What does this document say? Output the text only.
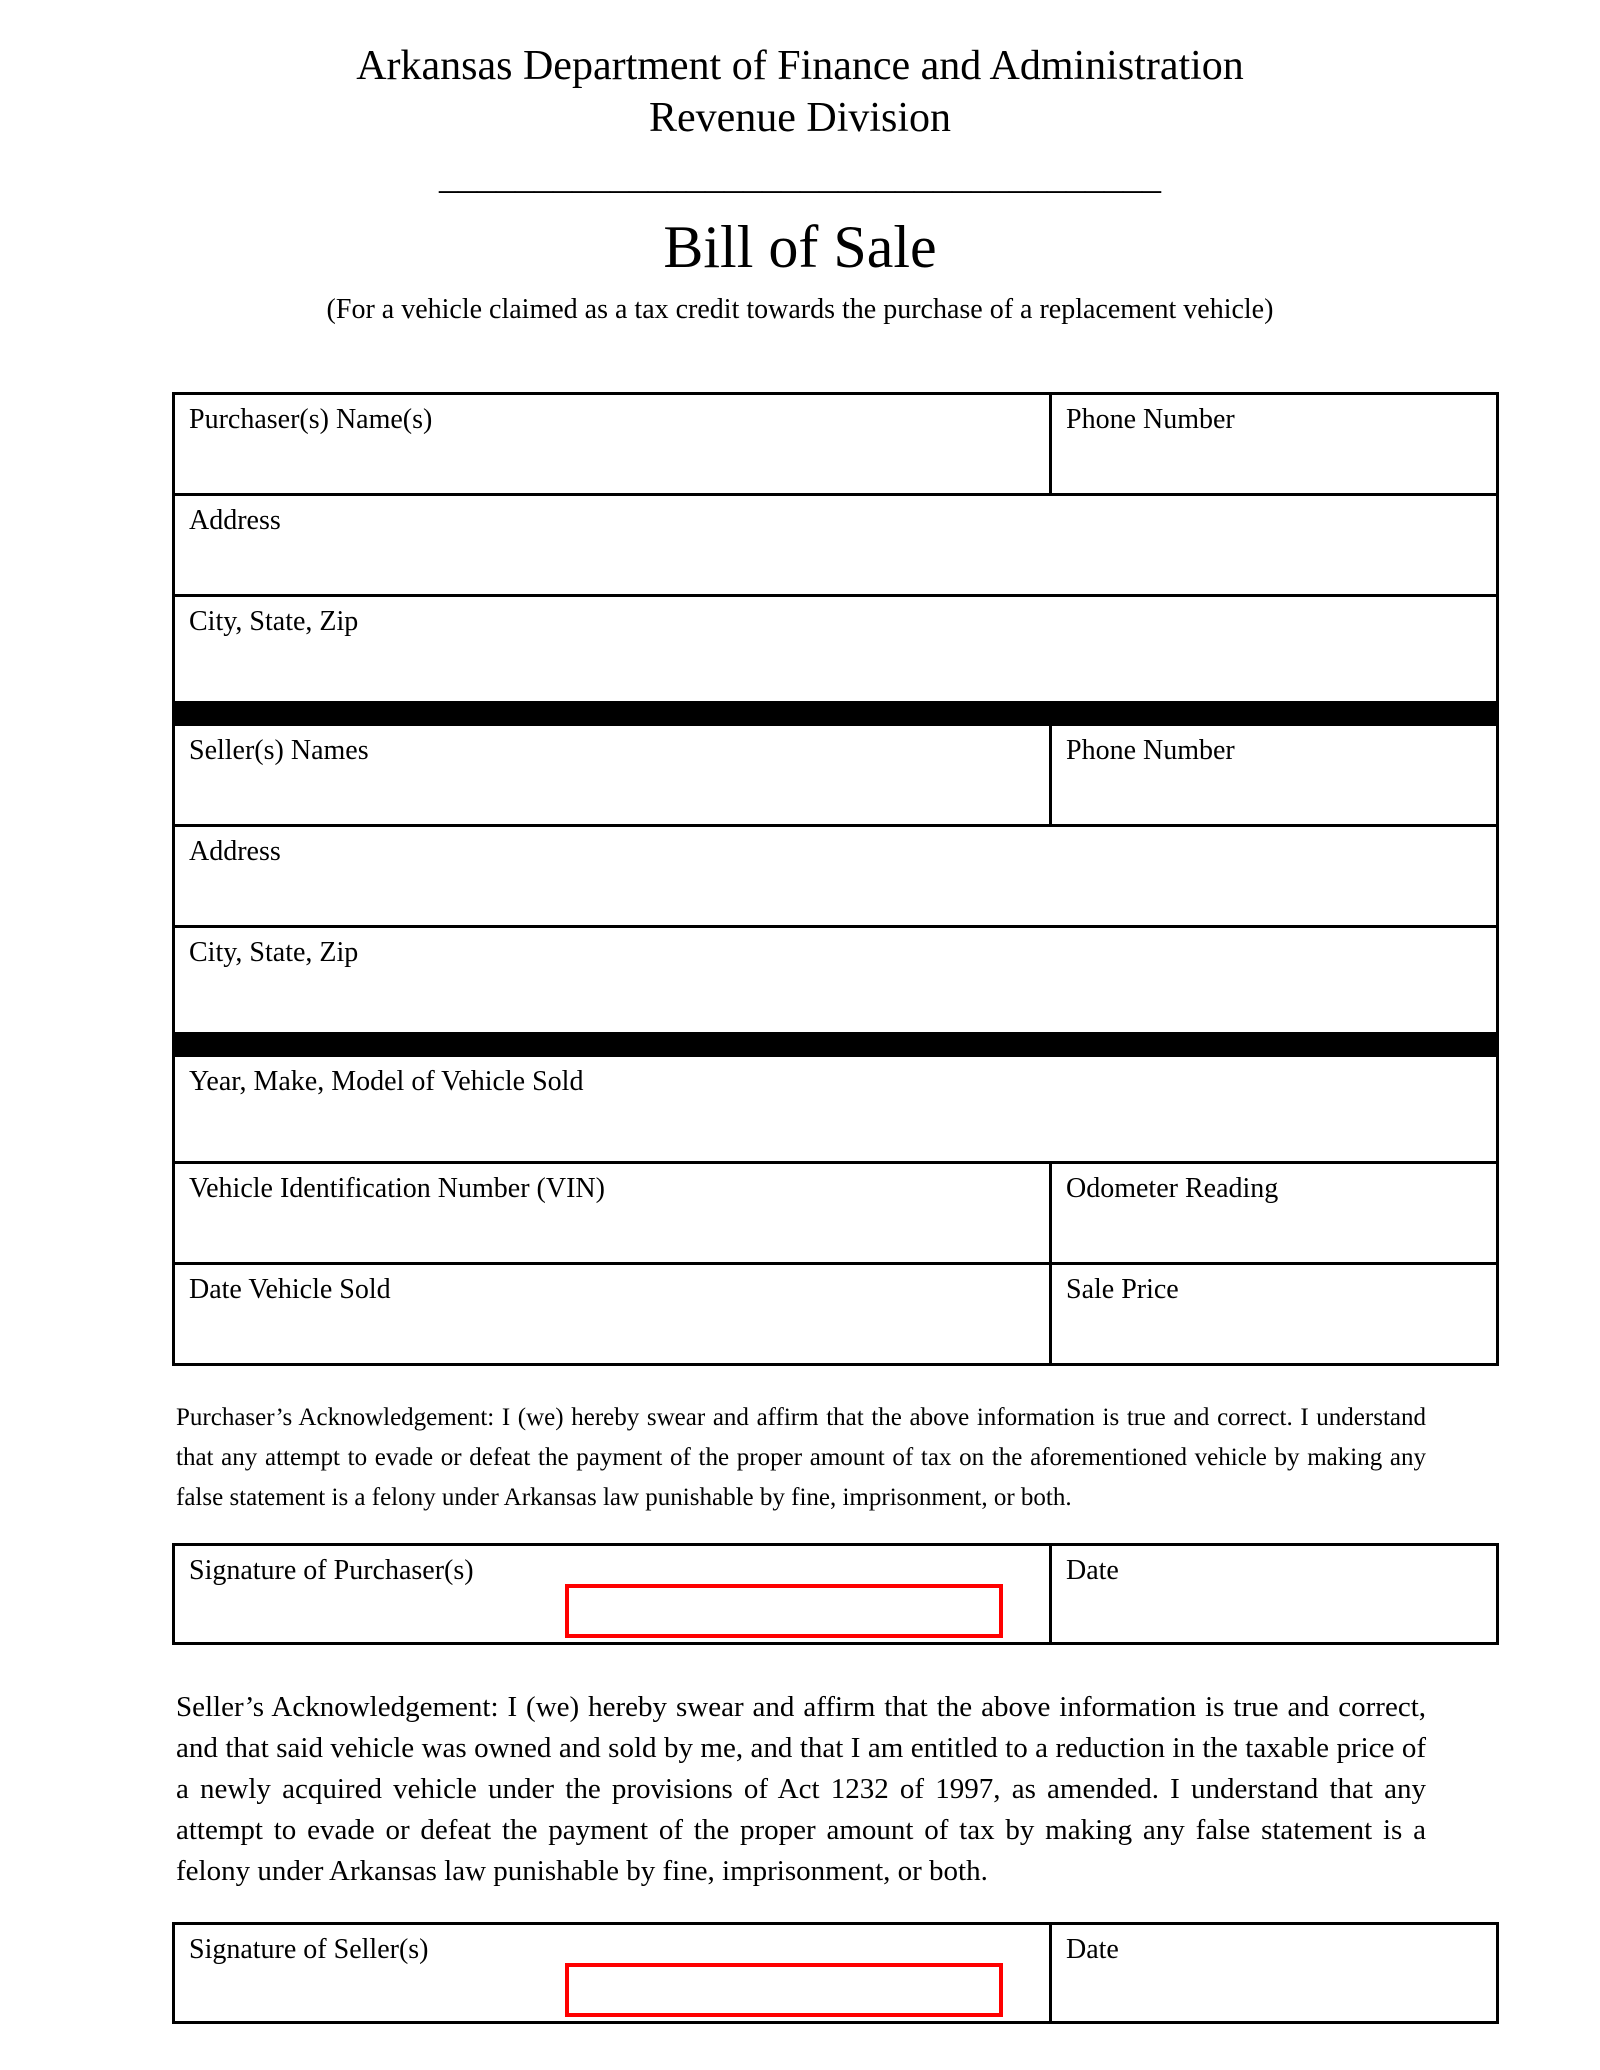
Arkansas Department of Finance and Administration
Revenue Division
______________________________________
Bill of Sale
(For a vehicle claimed as a tax credit towards the purchase of a replacement vehicle)
Purchaser(s) Name(s)	Phone Number
Address	
City, State, Zip	

Seller(s) Names	Phone Number
Address	
City, State, Zip	

Year, Make, Model of Vehicle Sold	
Vehicle Identification Number (VIN)	Odometer Reading
Date Vehicle Sold	Sale Price

Purchaser’s Acknowledgement: I (we) hereby swear and affirm that the above information is true and correct. I understand that any attempt to evade or defeat the payment of the proper amount of tax on the aforementioned vehicle by making any false statement is a felony under Arkansas law punishable by fine, imprisonment, or both.

Signature of Purchaser(s)	Date

Seller’s Acknowledgement: I (we) hereby swear and affirm that the above information is true and correct, and that said vehicle was owned and sold by me, and that I am entitled to a reduction in the taxable price of a newly acquired vehicle under the provisions of Act 1232 of 1997, as amended. I understand that any attempt to evade or defeat the payment of the proper amount of tax by making any false statement is a felony under Arkansas law punishable by fine, imprisonment, or both.

Signature of Seller(s)	Date
